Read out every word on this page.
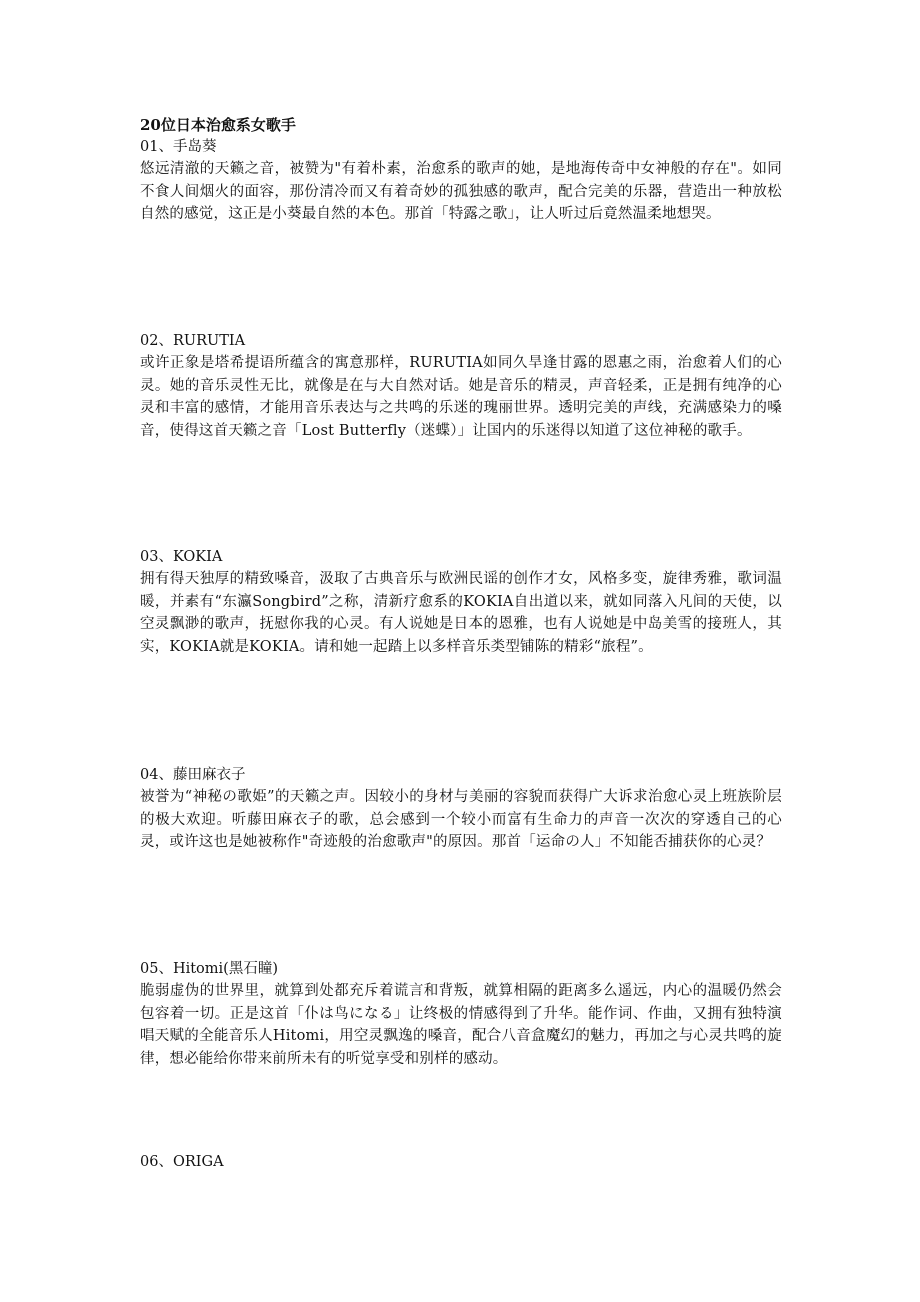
20位日本治愈系女歌手
01、手岛葵
悠远清澈的天籁之音，被赞为"有着朴素，治愈系的歌声的她，是地海传奇中女神般的存在"。如同不食人间烟火的面容，那份清冷而又有着奇妙的孤独感的歌声，配合完美的乐器，营造出一种放松自然的感觉，这正是小葵最自然的本色。那首「特露之歌」，让人听过后竟然温柔地想哭。
02、RURUTIA
或许正象是塔希提语所蕴含的寓意那样，RURUTIA如同久旱逢甘露的恩惠之雨，治愈着人们的心灵。她的音乐灵性无比，就像是在与大自然对话。她是音乐的精灵，声音轻柔，正是拥有纯净的心灵和丰富的感情，才能用音乐表达与之共鸣的乐迷的瑰丽世界。透明完美的声线，充满感染力的嗓音，使得这首天籁之音「Lost Butterfly（迷蝶）」让国内的乐迷得以知道了这位神秘的歌手。
03、KOKIA
拥有得天独厚的精致嗓音，汲取了古典音乐与欧洲民谣的创作才女，风格多变，旋律秀雅，歌词温暖，并素有“东瀛Songbird”之称，清新疗愈系的KOKIA自出道以来，就如同落入凡间的天使，以空灵飘渺的歌声，抚慰你我的心灵。有人说她是日本的恩雅，也有人说她是中岛美雪的接班人，其实，KOKIA就是KOKIA。请和她一起踏上以多样音乐类型铺陈的精彩“旅程”。
04、藤田麻衣子
被誉为“神秘の歌姫”的天籁之声。因较小的身材与美丽的容貌而获得广大诉求治愈心灵上班族阶层的极大欢迎。听藤田麻衣子的歌，总会感到一个较小而富有生命力的声音一次次的穿透自己的心灵，或许这也是她被称作"奇迹般的治愈歌声"的原因。那首「运命の人」不知能否捕获你的心灵？
05、Hitomi(黑石瞳)
脆弱虚伪的世界里，就算到处都充斥着谎言和背叛，就算相隔的距离多么遥远，内心的温暖仍然会包容着一切。正是这首「仆は鸟になる」让终极的情感得到了升华。能作词、作曲，又拥有独特演唱天赋的全能音乐人Hitomi，用空灵飘逸的嗓音，配合八音盒魔幻的魅力，再加之与心灵共鸣的旋律，想必能给你带来前所未有的听觉享受和别样的感动。
06、ORIGA
